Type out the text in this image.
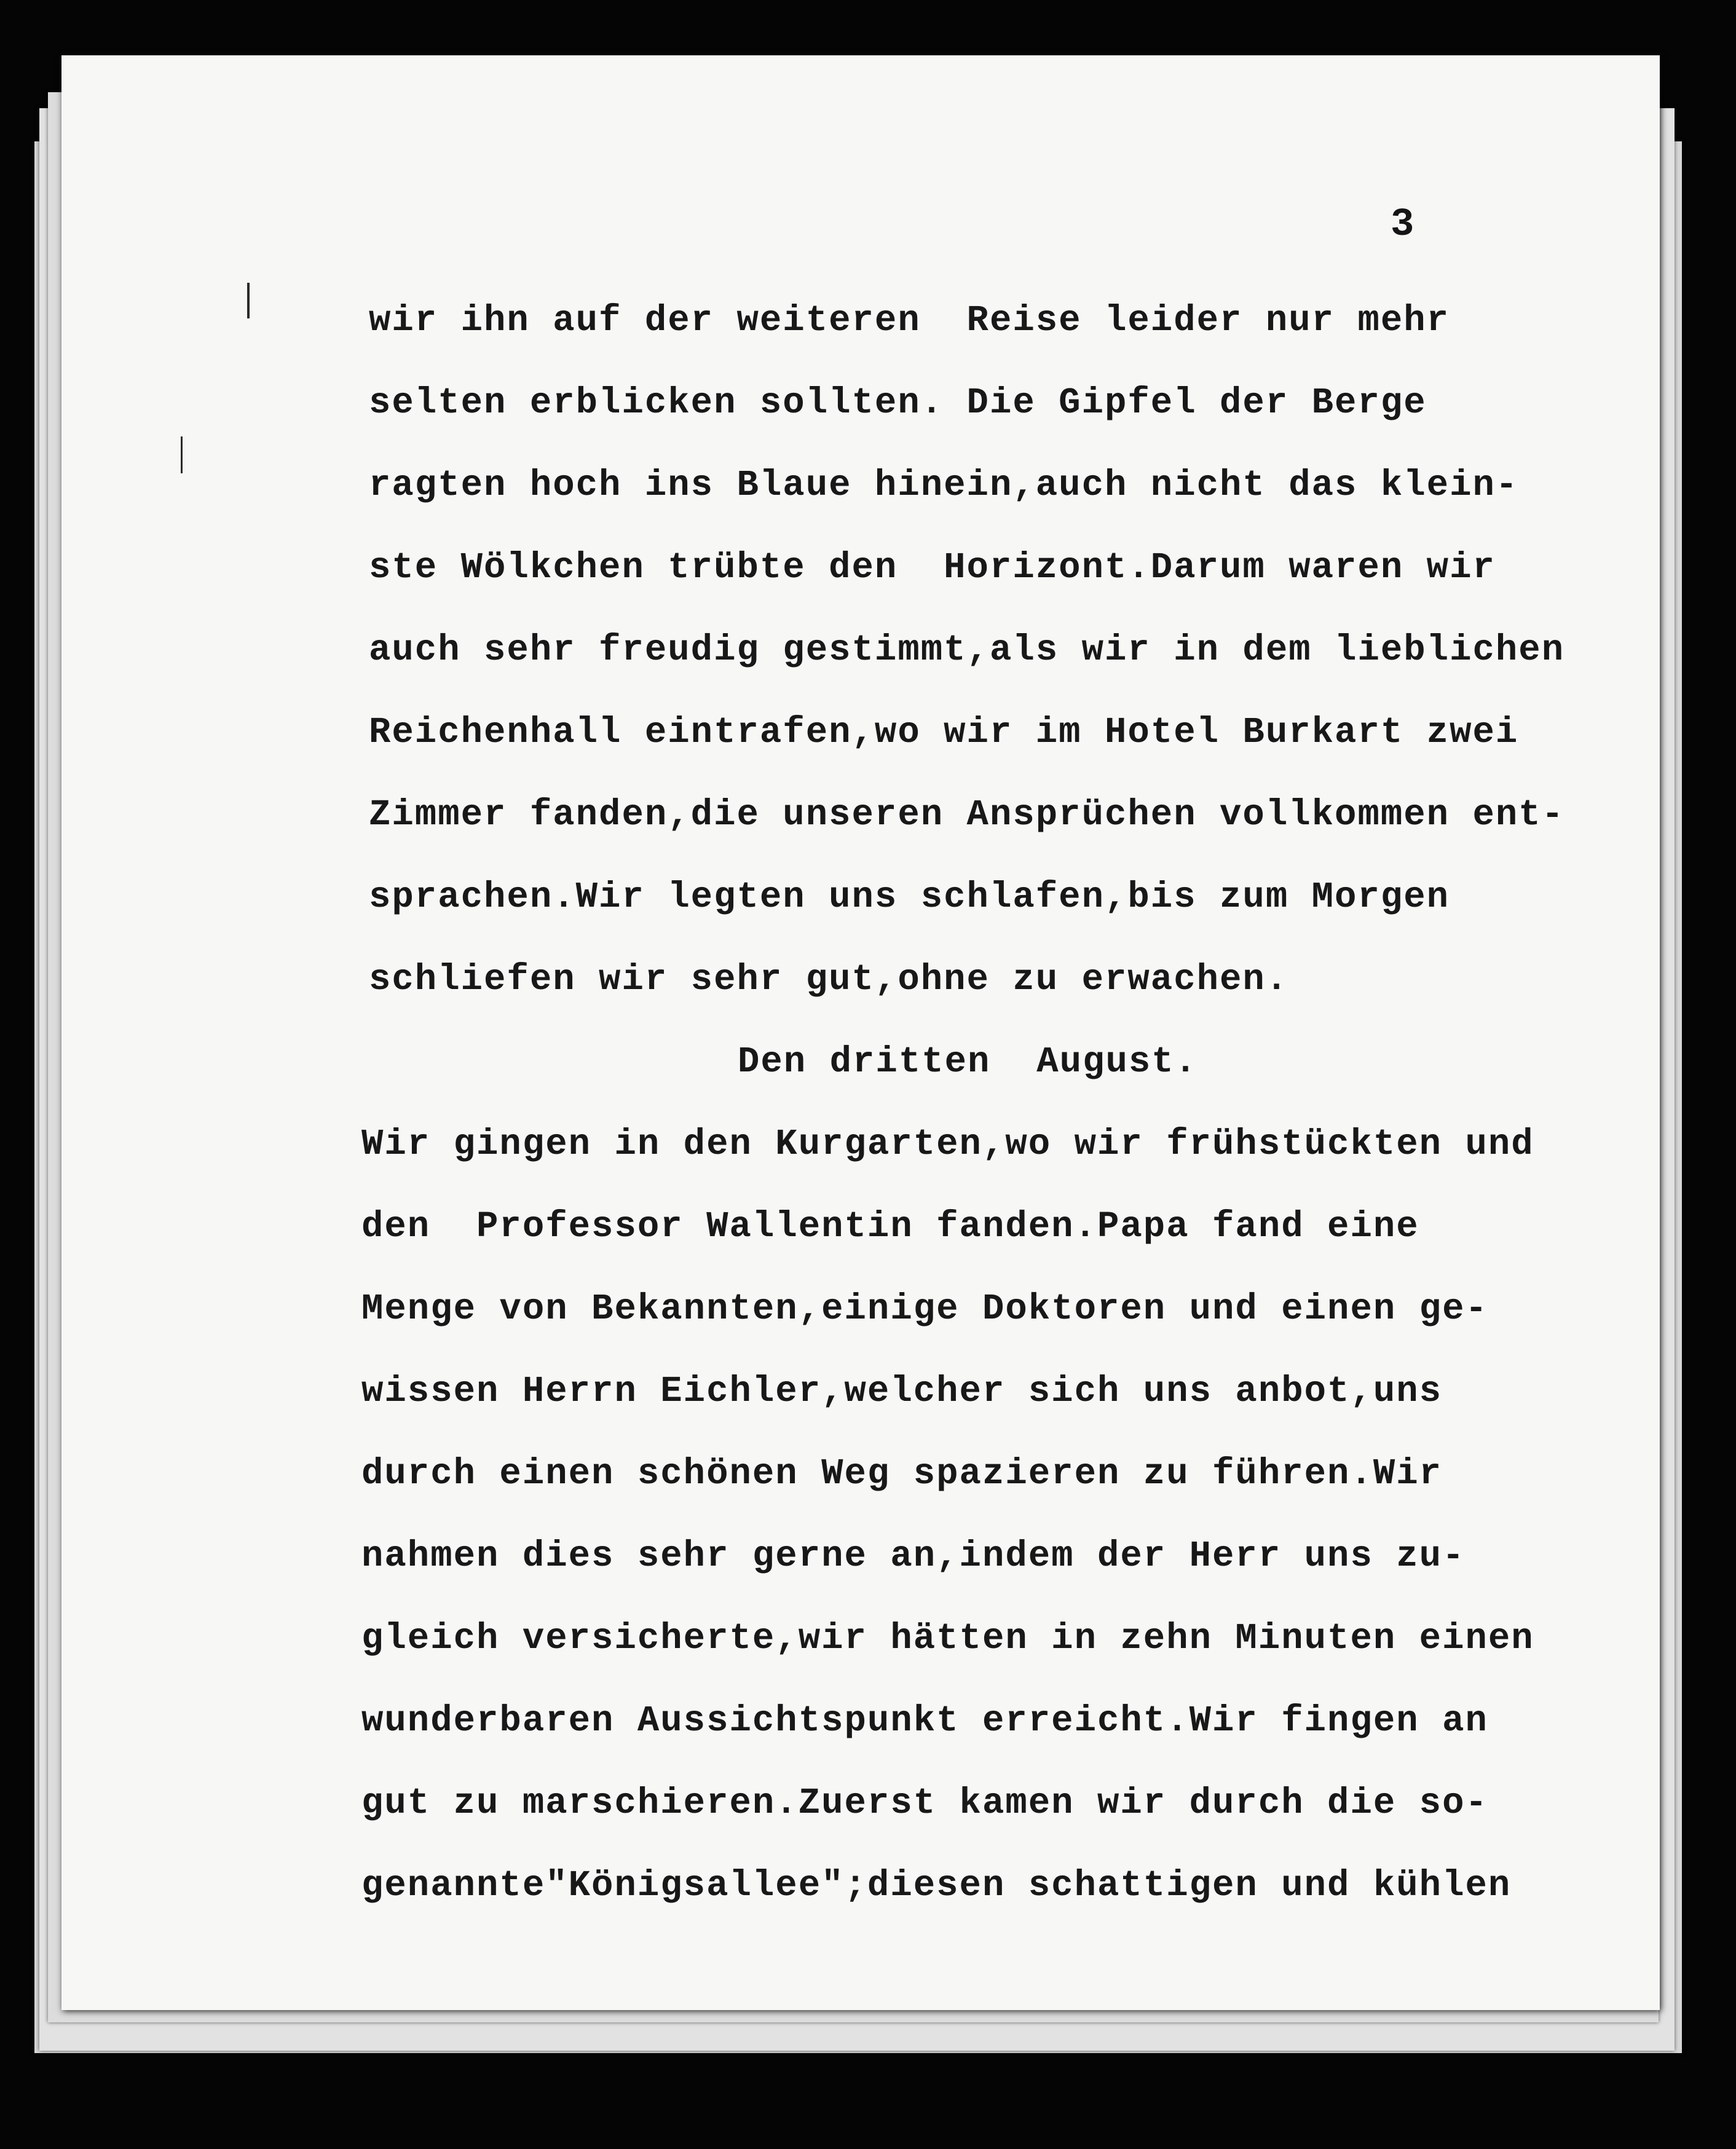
3
wir ihn auf der weiteren  Reise leider nur mehr
selten erblicken sollten. Die Gipfel der Berge
ragten hoch ins Blaue hinein,auch nicht das klein-
ste Wölkchen trübte den  Horizont.Darum waren wir
auch sehr freudig gestimmt,als wir in dem lieblichen
Reichenhall eintrafen,wo wir im Hotel Burkart zwei
Zimmer fanden,die unseren Ansprüchen vollkommen ent-
sprachen.Wir legten uns schlafen,bis zum Morgen
schliefen wir sehr gut,ohne zu erwachen.
Den dritten  August.
Wir gingen in den Kurgarten,wo wir frühstückten und
den  Professor Wallentin fanden.Papa fand eine
Menge von Bekannten,einige Doktoren und einen ge-
wissen Herrn Eichler,welcher sich uns anbot,uns
durch einen schönen Weg spazieren zu führen.Wir
nahmen dies sehr gerne an,indem der Herr uns zu-
gleich versicherte,wir hätten in zehn Minuten einen
wunderbaren Aussichtspunkt erreicht.Wir fingen an
gut zu marschieren.Zuerst kamen wir durch die so-
genannte"Königsallee";diesen schattigen und kühlen
